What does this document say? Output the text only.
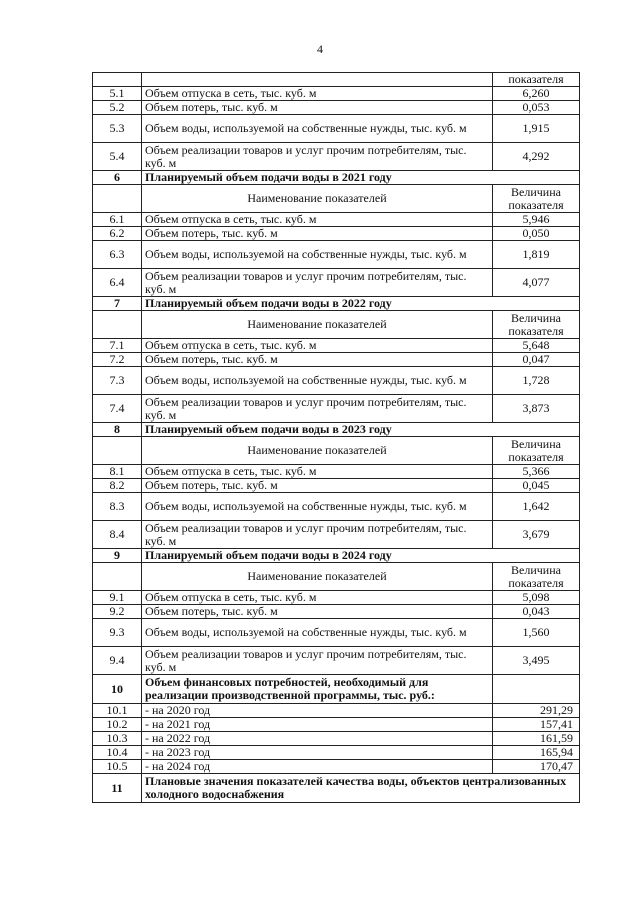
4
		показателя
5.1	Объем отпуска в сеть, тыс. куб. м	6,260
5.2	Объем потерь, тыс. куб. м	0,053
5.3	Объем воды, используемой на собственные нужды, тыс. куб. м	1,915
5.4	Объем реализации товаров и услуг прочим потребителям, тыс. куб. м	4,292
6	Планируемый объем подачи воды в 2021 году	
	Наименование показателей	Величина показателя
6.1	Объем отпуска в сеть, тыс. куб. м	5,946
6.2	Объем потерь, тыс. куб. м	0,050
6.3	Объем воды, используемой на собственные нужды, тыс. куб. м	1,819
6.4	Объем реализации товаров и услуг прочим потребителям, тыс. куб. м	4,077
7	Планируемый объем подачи воды в 2022 году	
	Наименование показателей	Величина показателя
7.1	Объем отпуска в сеть, тыс. куб. м	5,648
7.2	Объем потерь, тыс. куб. м	0,047
7.3	Объем воды, используемой на собственные нужды, тыс. куб. м	1,728
7.4	Объем реализации товаров и услуг прочим потребителям, тыс. куб. м	3,873
8	Планируемый объем подачи воды в 2023 году	
	Наименование показателей	Величина показателя
8.1	Объем отпуска в сеть, тыс. куб. м	5,366
8.2	Объем потерь, тыс. куб. м	0,045
8.3	Объем воды, используемой на собственные нужды, тыс. куб. м	1,642
8.4	Объем реализации товаров и услуг прочим потребителям, тыс. куб. м	3,679
9	Планируемый объем подачи воды в 2024 году	
	Наименование показателей	Величина показателя
9.1	Объем отпуска в сеть, тыс. куб. м	5,098
9.2	Объем потерь, тыс. куб. м	0,043
9.3	Объем воды, используемой на собственные нужды, тыс. куб. м	1,560
9.4	Объем реализации товаров и услуг прочим потребителям, тыс. куб. м	3,495
10	Объем финансовых потребностей, необходимый для реализации производственной программы, тыс. руб.:	
10.1	- на 2020 год	291,29
10.2	- на 2021 год	157,41
10.3	- на 2022 год	161,59
10.4	- на 2023 год	165,94
10.5	- на 2024 год	170,47
11	Плановые значения показателей качества воды, объектов централизованных холодного водоснабжения	
